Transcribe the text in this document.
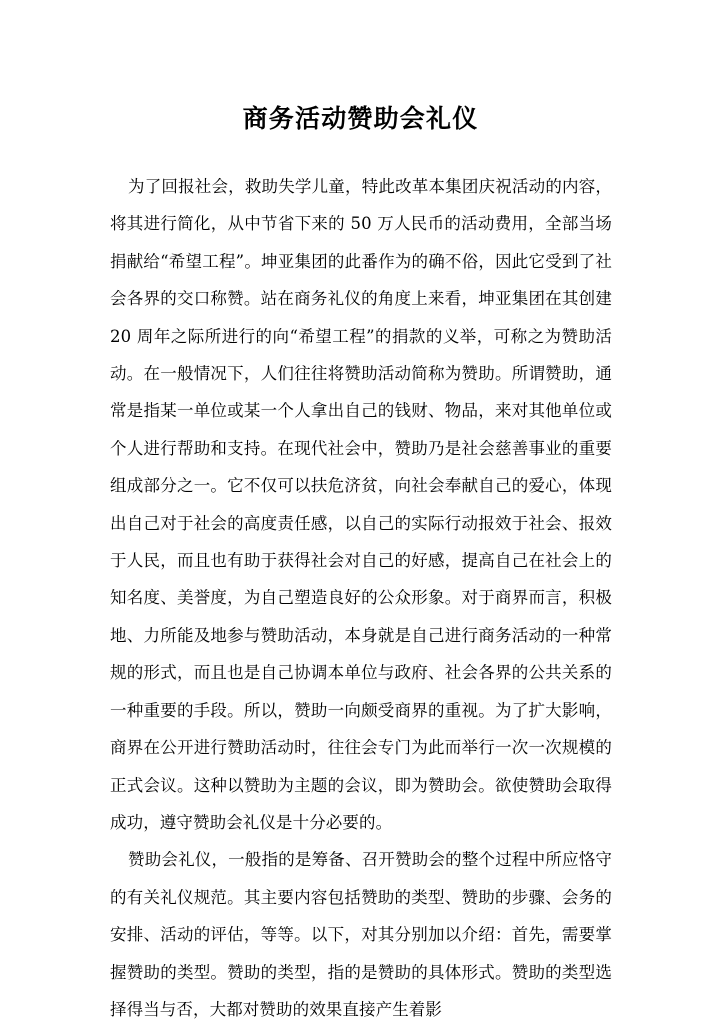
商务活动赞助会礼仪

为了回报社会，救助失学儿童，特此改革本集团庆祝活动的内容，将其进行简化，从中节省下来的 50 万人民币的活动费用，全部当场捐献给“希望工程”。坤亚集团的此番作为的确不俗，因此它受到了社会各界的交口称赞。站在商务礼仪的角度上来看，坤亚集团在其创建 20 周年之际所进行的向“希望工程”的捐款的义举，可称之为赞助活动。在一般情况下，人们往往将赞助活动简称为赞助。所谓赞助，通常是指某一单位或某一个人拿出自己的钱财、物品，来对其他单位或个人进行帮助和支持。在现代社会中，赞助乃是社会慈善事业的重要组成部分之一。它不仅可以扶危济贫，向社会奉献自己的爱心，体现出自己对于社会的高度责任感，以自己的实际行动报效于社会、报效于人民，而且也有助于获得社会对自己的好感，提高自己在社会上的知名度、美誉度，为自己塑造良好的公众形象。对于商界而言，积极地、力所能及地参与赞助活动，本身就是自己进行商务活动的一种常规的形式，而且也是自己协调本单位与政府、社会各界的公共关系的一种重要的手段。所以，赞助一向颇受商界的重视。为了扩大影响，商界在公开进行赞助活动时，往往会专门为此而举行一次一次规模的正式会议。这种以赞助为主题的会议，即为赞助会。欲使赞助会取得成功，遵守赞助会礼仪是十分必要的。

赞助会礼仪，一般指的是筹备、召开赞助会的整个过程中所应恪守的有关礼仪规范。其主要内容包括赞助的类型、赞助的步骤、会务的安排、活动的评估，等等。以下，对其分别加以介绍：首先，需要掌握赞助的类型。赞助的类型，指的是赞助的具体形式。赞助的类型选择得当与否，大都对赞助的效果直接产生着影
